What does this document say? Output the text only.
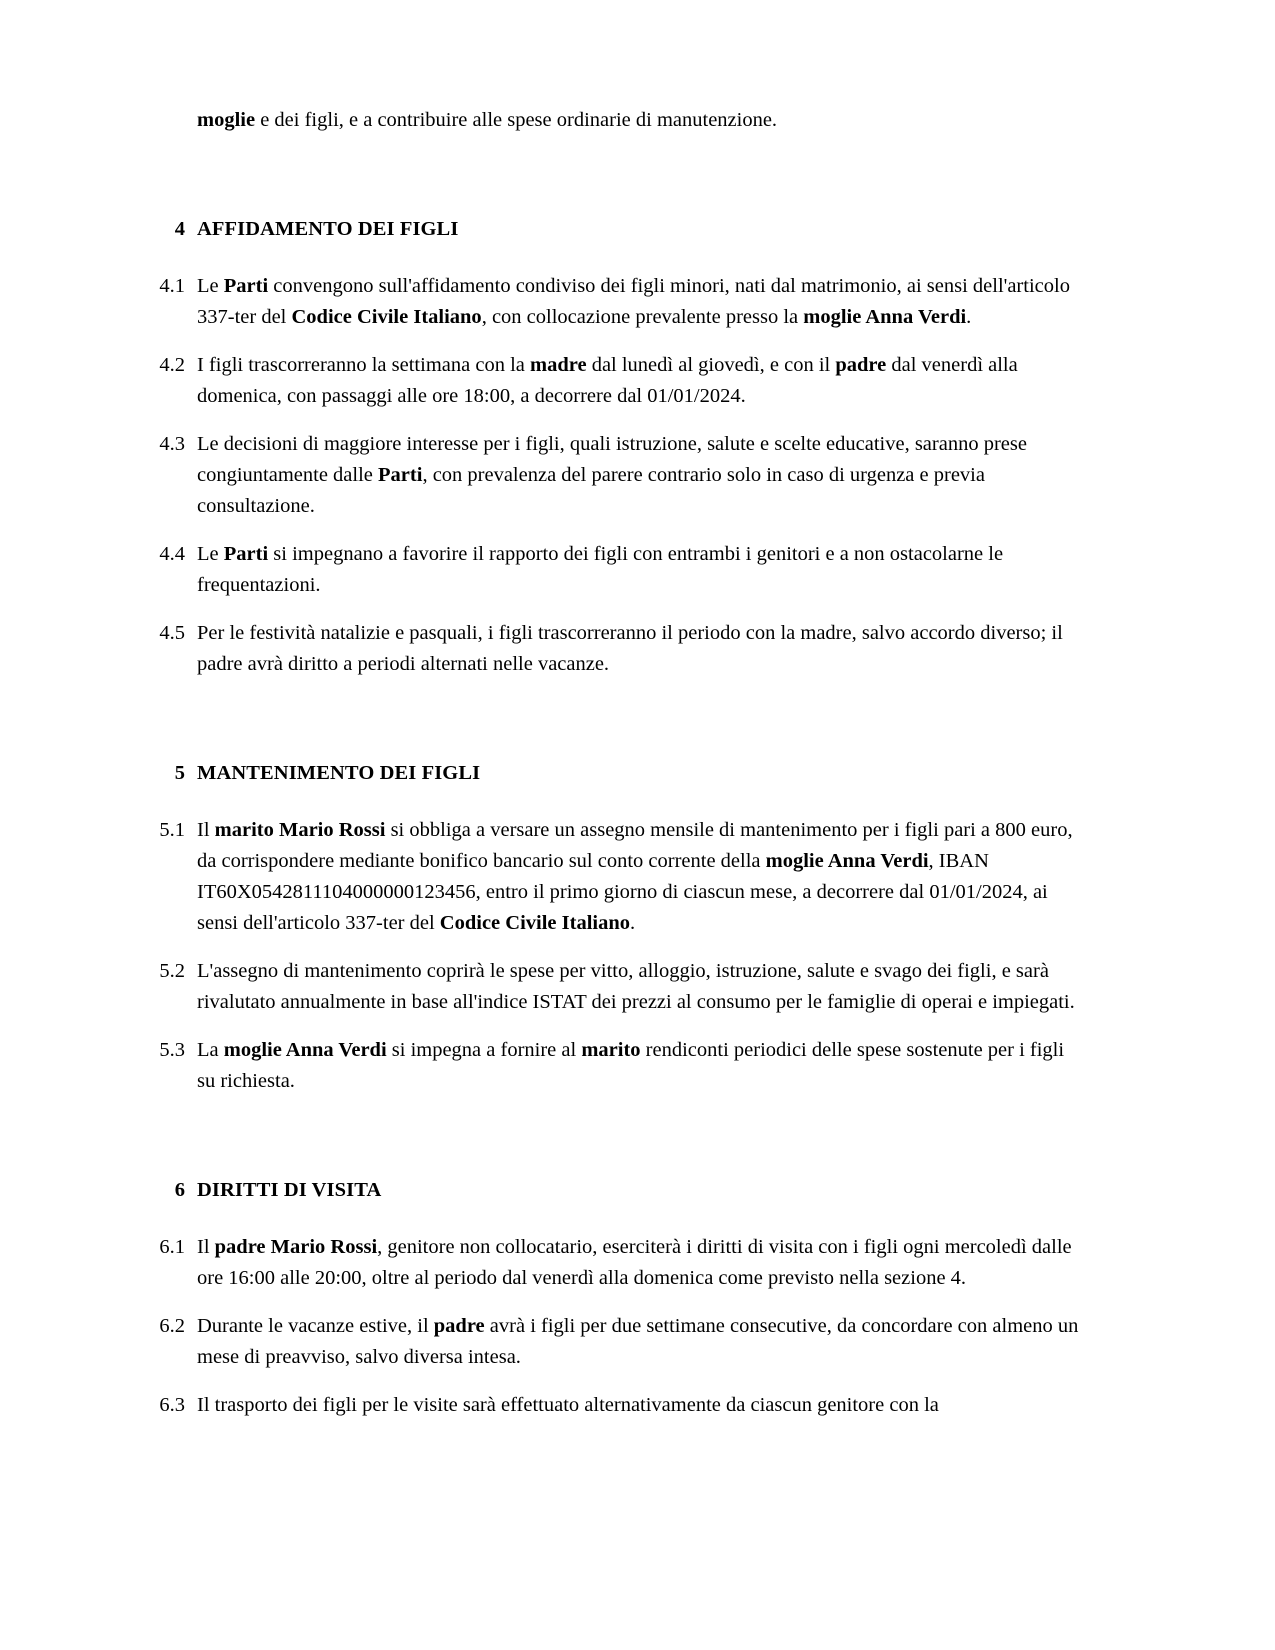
moglie e dei figli, e a contribuire alle spese ordinarie di manutenzione.
4 AFFIDAMENTO DEI FIGLI
4.1 Le Parti convengono sull'affidamento condiviso dei figli minori, nati dal matrimonio, ai sensi dell'articolo 337-ter del Codice Civile Italiano, con collocazione prevalente presso la moglie Anna Verdi.
4.2 I figli trascorreranno la settimana con la madre dal lunedì al giovedì, e con il padre dal venerdì alla domenica, con passaggi alle ore 18:00, a decorrere dal 01/01/2024.
4.3 Le decisioni di maggiore interesse per i figli, quali istruzione, salute e scelte educative, saranno prese congiuntamente dalle Parti, con prevalenza del parere contrario solo in caso di urgenza e previa consultazione.
4.4 Le Parti si impegnano a favorire il rapporto dei figli con entrambi i genitori e a non ostacolarne le frequentazioni.
4.5 Per le festività natalizie e pasquali, i figli trascorreranno il periodo con la madre, salvo accordo diverso; il padre avrà diritto a periodi alternati nelle vacanze.
5 MANTENIMENTO DEI FIGLI
5.1 Il marito Mario Rossi si obbliga a versare un assegno mensile di mantenimento per i figli pari a 800 euro, da corrispondere mediante bonifico bancario sul conto corrente della moglie Anna Verdi, IBAN IT60X0542811104000000123456, entro il primo giorno di ciascun mese, a decorrere dal 01/01/2024, ai sensi dell'articolo 337-ter del Codice Civile Italiano.
5.2 L'assegno di mantenimento coprirà le spese per vitto, alloggio, istruzione, salute e svago dei figli, e sarà rivalutato annualmente in base all'indice ISTAT dei prezzi al consumo per le famiglie di operai e impiegati.
5.3 La moglie Anna Verdi si impegna a fornire al marito rendiconti periodici delle spese sostenute per i figli su richiesta.
6 DIRITTI DI VISITA
6.1 Il padre Mario Rossi, genitore non collocatario, eserciterà i diritti di visita con i figli ogni mercoledì dalle ore 16:00 alle 20:00, oltre al periodo dal venerdì alla domenica come previsto nella sezione 4.
6.2 Durante le vacanze estive, il padre avrà i figli per due settimane consecutive, da concordare con almeno un mese di preavviso, salvo diversa intesa.
6.3 Il trasporto dei figli per le visite sarà effettuato alternativamente da ciascun genitore con la
